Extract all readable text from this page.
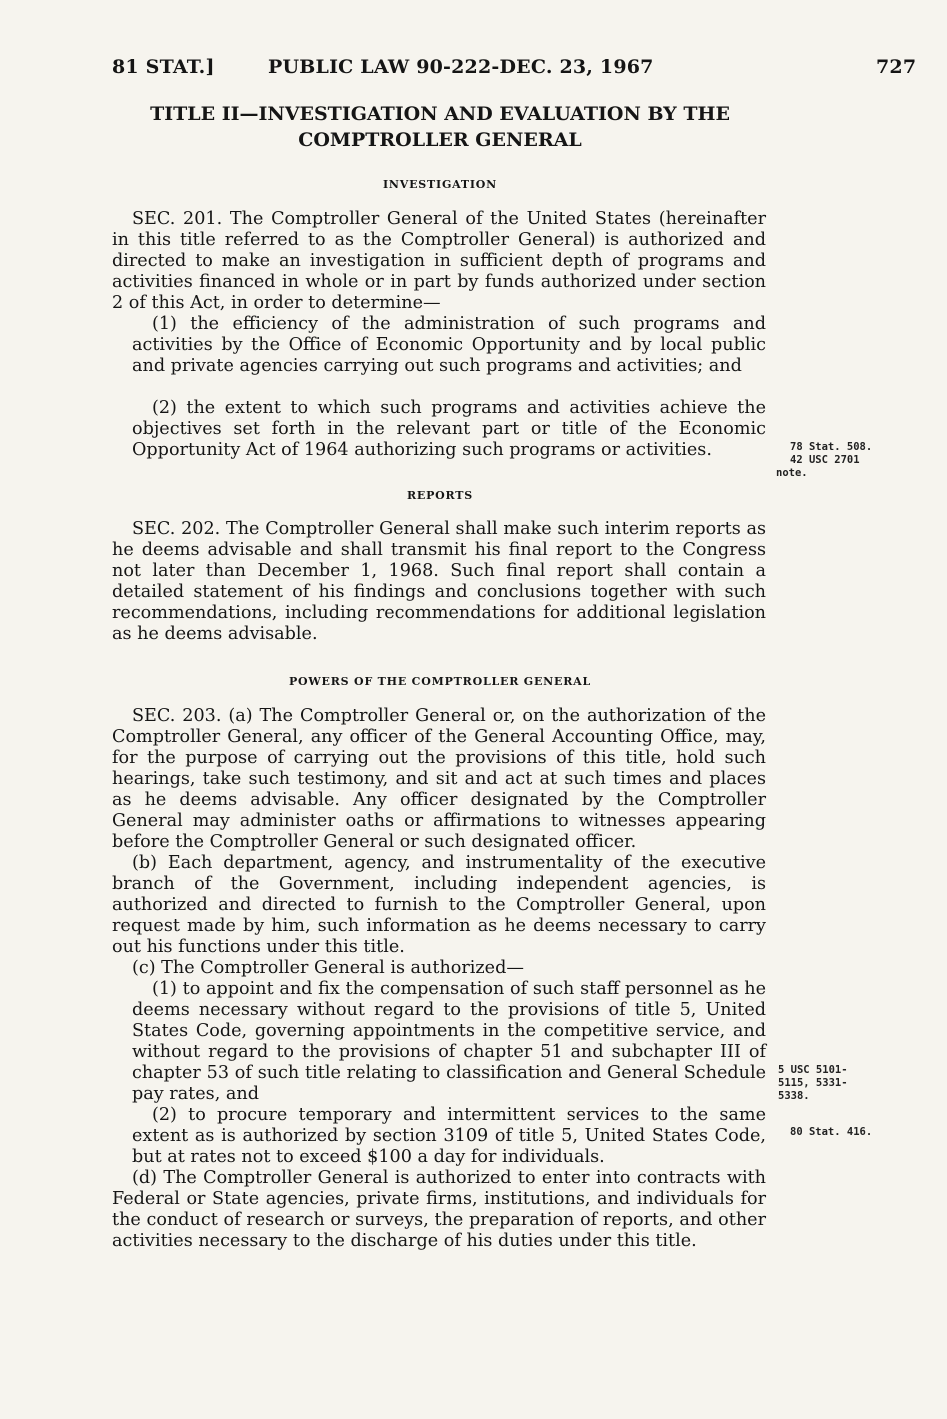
81 STAT.]	PUBLIC LAW 90-222-DEC. 23, 1967	727
TITLE II—INVESTIGATION AND EVALUATION BY THE
COMPTROLLER GENERAL
INVESTIGATION
SEC. 201. The Comptroller General of the United States (hereinafter in this title referred to as the Comptroller General) is authorized and directed to make an investigation in sufficient depth of programs and activities financed in whole or in part by funds authorized under section 2 of this Act, in order to determine—
(1) the efficiency of the administration of such programs and activities by the Office of Economic Opportunity and by local public and private agencies carrying out such programs and activities; and
(2) the extent to which such programs and activities achieve the objectives set forth in the relevant part or title of the Economic Opportunity Act of 1964 authorizing such programs or activities.	78 Stat. 508.
42 USC 2701
note.
REPORTS
SEC. 202. The Comptroller General shall make such interim reports as he deems advisable and shall transmit his final report to the Congress not later than December 1, 1968. Such final report shall contain a detailed statement of his findings and conclusions together with such recommendations, including recommendations for additional legislation as he deems advisable.
POWERS OF THE COMPTROLLER GENERAL
SEC. 203. (a) The Comptroller General or, on the authorization of the Comptroller General, any officer of the General Accounting Office, may, for the purpose of carrying out the provisions of this title, hold such hearings, take such testimony, and sit and act at such times and places as he deems advisable. Any officer designated by the Comptroller General may administer oaths or affirmations to witnesses appearing before the Comptroller General or such designated officer.
(b) Each department, agency, and instrumentality of the executive branch of the Government, including independent agencies, is authorized and directed to furnish to the Comptroller General, upon request made by him, such information as he deems necessary to carry out his functions under this title.
(c) The Comptroller General is authorized—
(1) to appoint and fix the compensation of such staff personnel as he deems necessary without regard to the provisions of title 5, United States Code, governing appointments in the competitive service, and without regard to the provisions of chapter 51 and subchapter III of chapter 53 of such title relating to classification and General Schedule pay rates, and
(2) to procure temporary and intermittent services to the same extent as is authorized by section 3109 of title 5, United States Code, but at rates not to exceed $100 a day for individuals.
(d) The Comptroller General is authorized to enter into contracts with Federal or State agencies, private firms, institutions, and individuals for the conduct of research or surveys, the preparation of reports, and other activities necessary to the discharge of his duties under this title.
5 USC 5101-
5115, 5331-
5338.
80 Stat. 416.
